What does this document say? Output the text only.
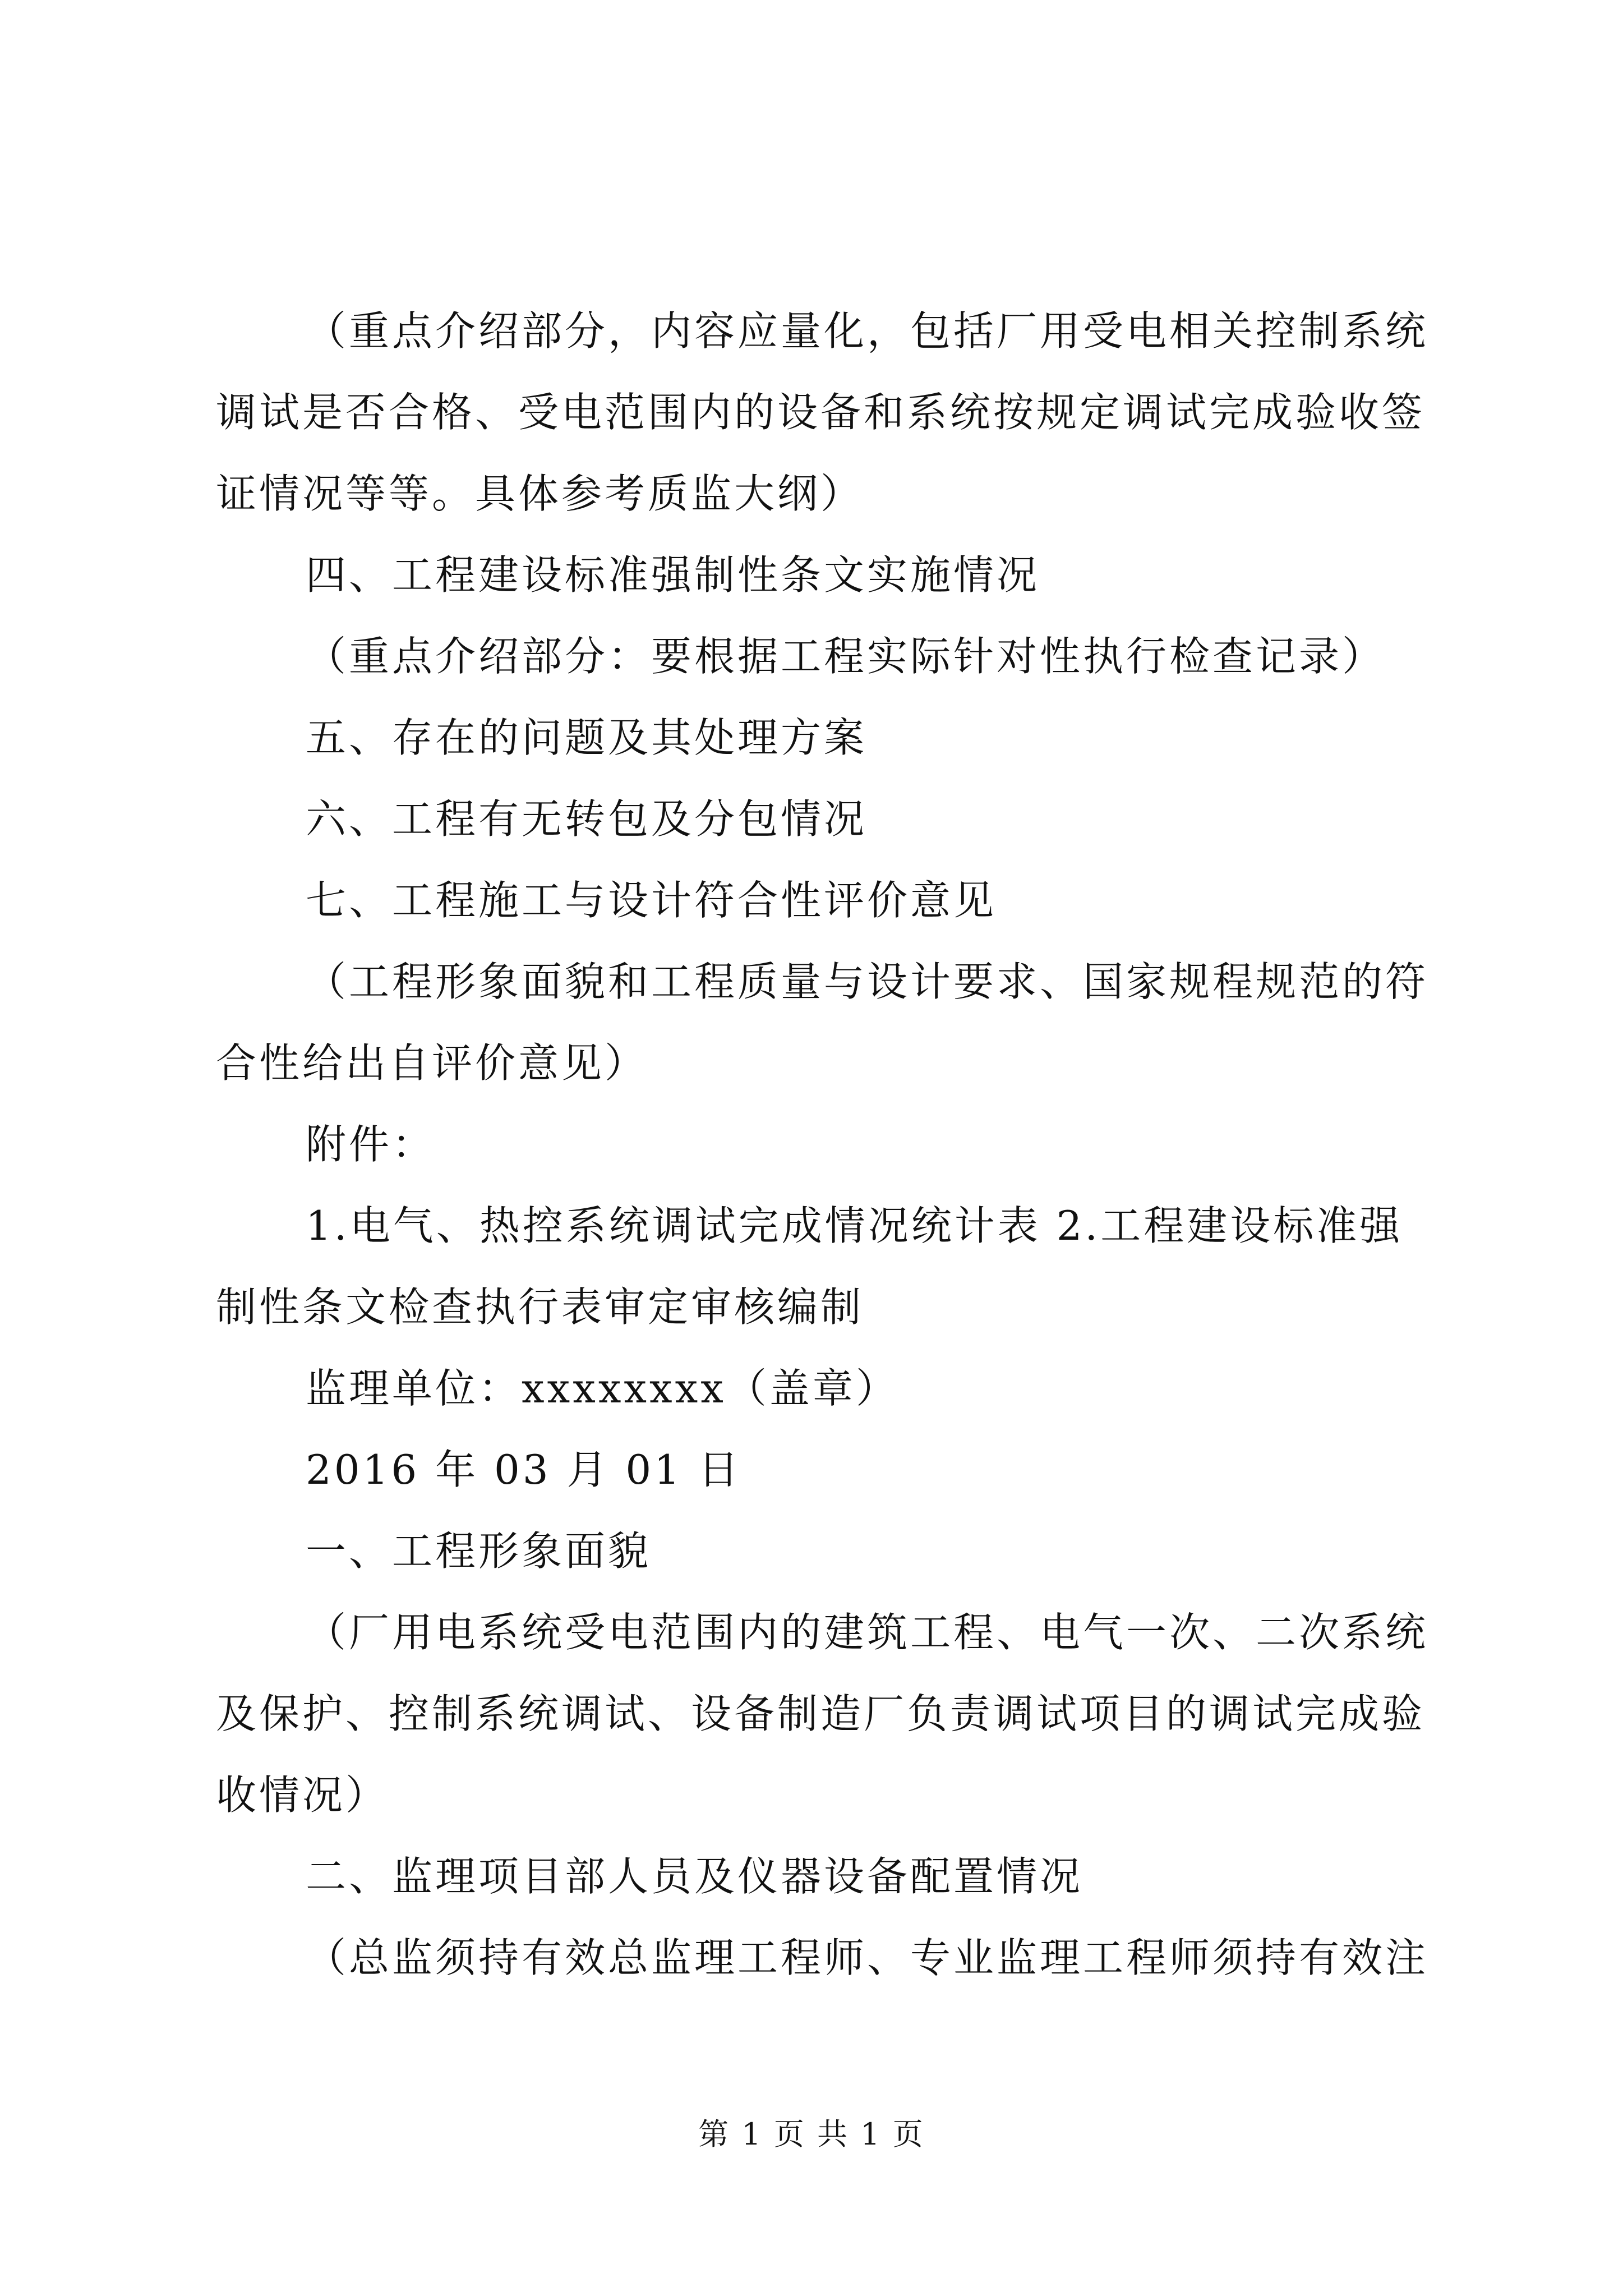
（重点介绍部分，内容应量化，包括厂用受电相关控制系统
调试是否合格、受电范围内的设备和系统按规定调试完成验收签
证情况等等。具体参考质监大纲）
四、工程建设标准强制性条文实施情况
（重点介绍部分：要根据工程实际针对性执行检查记录）
五、存在的问题及其处理方案
六、工程有无转包及分包情况
七、工程施工与设计符合性评价意见
（工程形象面貌和工程质量与设计要求、国家规程规范的符
合性给出自评价意见）
附件：
1.电气、热控系统调试完成情况统计表 2.工程建设标准强
制性条文检查执行表审定审核编制
监理单位：xxxxxxxx（盖章）
2016 年 03 月 01 日
一、工程形象面貌
（厂用电系统受电范围内的建筑工程、电气一次、二次系统
及保护、控制系统调试、设备制造厂负责调试项目的调试完成验
收情况）
二、监理项目部人员及仪器设备配置情况
（总监须持有效总监理工程师、专业监理工程师须持有效注
第 1 页 共 1 页
